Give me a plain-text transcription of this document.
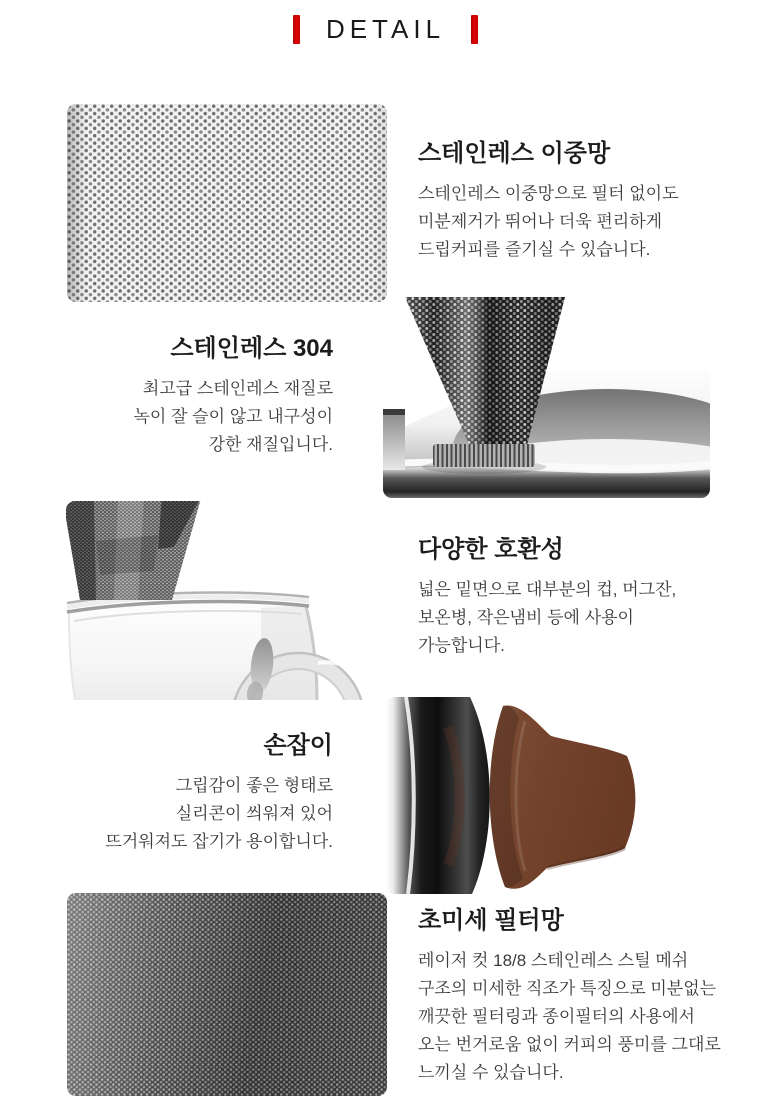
DETAIL
스테인레스 이중망
스테인레스 이중망으로 필터 없이도
미분제거가 뛰어나 더욱 편리하게
드립커피를 즐기실 수 있습니다.
스테인레스 304
최고급 스테인레스 재질로
녹이 잘 슬이 않고 내구성이
강한 재질입니다.
다양한 호환성
넓은 밑면으로 대부분의 컵, 머그잔,
보온병, 작은냄비 등에 사용이
가능합니다.
손잡이
그립감이 좋은 형태로
실리콘이 씌워져 있어
뜨거워져도 잡기가 용이합니다.
초미세 필터망
레이저 컷 18/8 스테인레스 스틸 메쉬
구조의 미세한 직조가 특징으로 미분없는
깨끗한 필터링과 종이필터의 사용에서
오는 번거로움 없이 커피의 풍미를 그대로
느끼실 수 있습니다.
